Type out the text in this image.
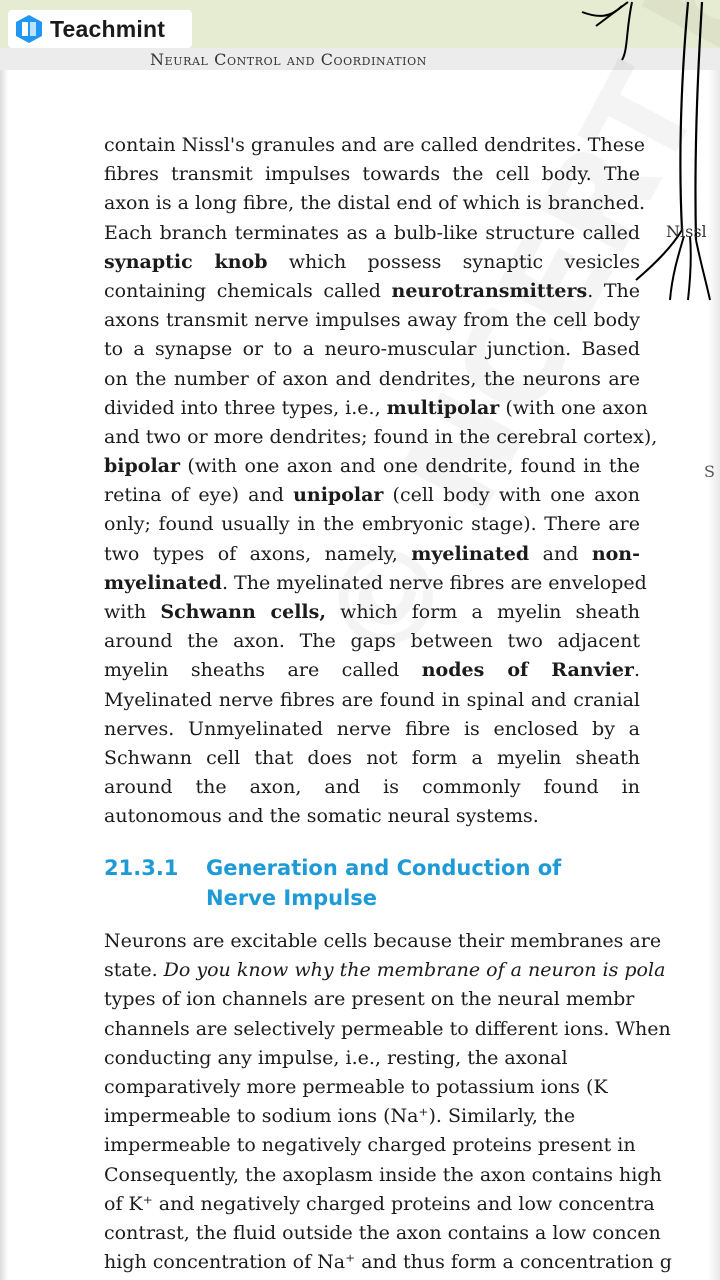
Teachmint
Neural Control and Coordination
Nissl
S
contain Nissl's granules and are called dendrites. These
fibres transmit impulses towards the cell body. The
axon is a long fibre, the distal end of which is branched.
Each branch terminates as a bulb-like structure called
synaptic knob which possess synaptic vesicles
containing chemicals called neurotransmitters. The
axons transmit nerve impulses away from the cell body
to a synapse or to a neuro-muscular junction. Based
on the number of axon and dendrites, the neurons are
divided into three types, i.e., multipolar (with one axon
and two or more dendrites; found in the cerebral cortex),
bipolar (with one axon and one dendrite, found in the
retina of eye) and unipolar (cell body with one axon
only; found usually in the embryonic stage). There are
two types of axons, namely, myelinated and non-
myelinated. The myelinated nerve fibres are enveloped
with Schwann cells, which form a myelin sheath
around the axon. The gaps between two adjacent
myelin sheaths are called nodes of Ranvier.
Myelinated nerve fibres are found in spinal and cranial
nerves. Unmyelinated nerve fibre is enclosed by a
Schwann cell that does not form a myelin sheath
around the axon, and is commonly found in
autonomous and the somatic neural systems.
21.3.1 Generation and Conduction of
Nerve Impulse
Neurons are excitable cells because their membranes are
state. Do you know why the membrane of a neuron is pola
types of ion channels are present on the neural membr
channels are selectively permeable to different ions. When
conducting any impulse, i.e., resting, the axonal
comparatively more permeable to potassium ions (K
impermeable to sodium ions (Na⁺). Similarly, the
impermeable to negatively charged proteins present in
Consequently, the axoplasm inside the axon contains high
of K⁺ and negatively charged proteins and low concentra
contrast, the fluid outside the axon contains a low concen
high concentration of Na⁺ and thus form a concentration g
